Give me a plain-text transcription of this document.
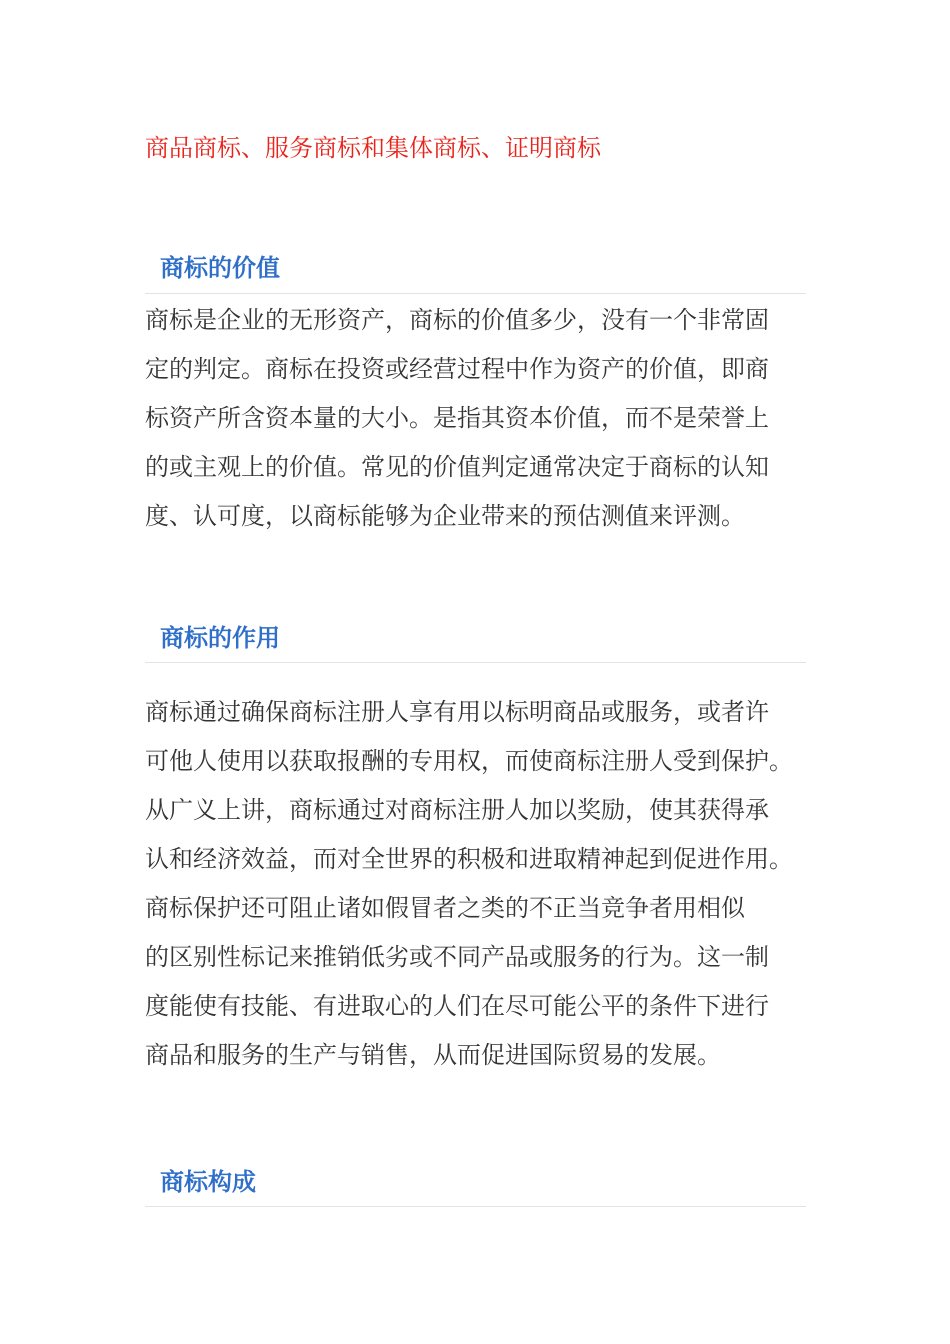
商品商标、服务商标和集体商标、证明商标
商标的价值
商标是企业的无形资产，商标的价值多少，没有一个非常固
定的判定。商标在投资或经营过程中作为资产的价值，即商
标资产所含资本量的大小。是指其资本价值，而不是荣誉上
的或主观上的价值。常见的价值判定通常决定于商标的认知
度、认可度，以商标能够为企业带来的预估测值来评测。
商标的作用
商标通过确保商标注册人享有用以标明商品或服务，或者许
可他人使用以获取报酬的专用权，而使商标注册人受到保护。
从广义上讲，商标通过对商标注册人加以奖励，使其获得承
认和经济效益，而对全世界的积极和进取精神起到促进作用。
商标保护还可阻止诸如假冒者之类的不正当竞争者用相似
的区别性标记来推销低劣或不同产品或服务的行为。这一制
度能使有技能、有进取心的人们在尽可能公平的条件下进行
商品和服务的生产与销售，从而促进国际贸易的发展。
商标构成
